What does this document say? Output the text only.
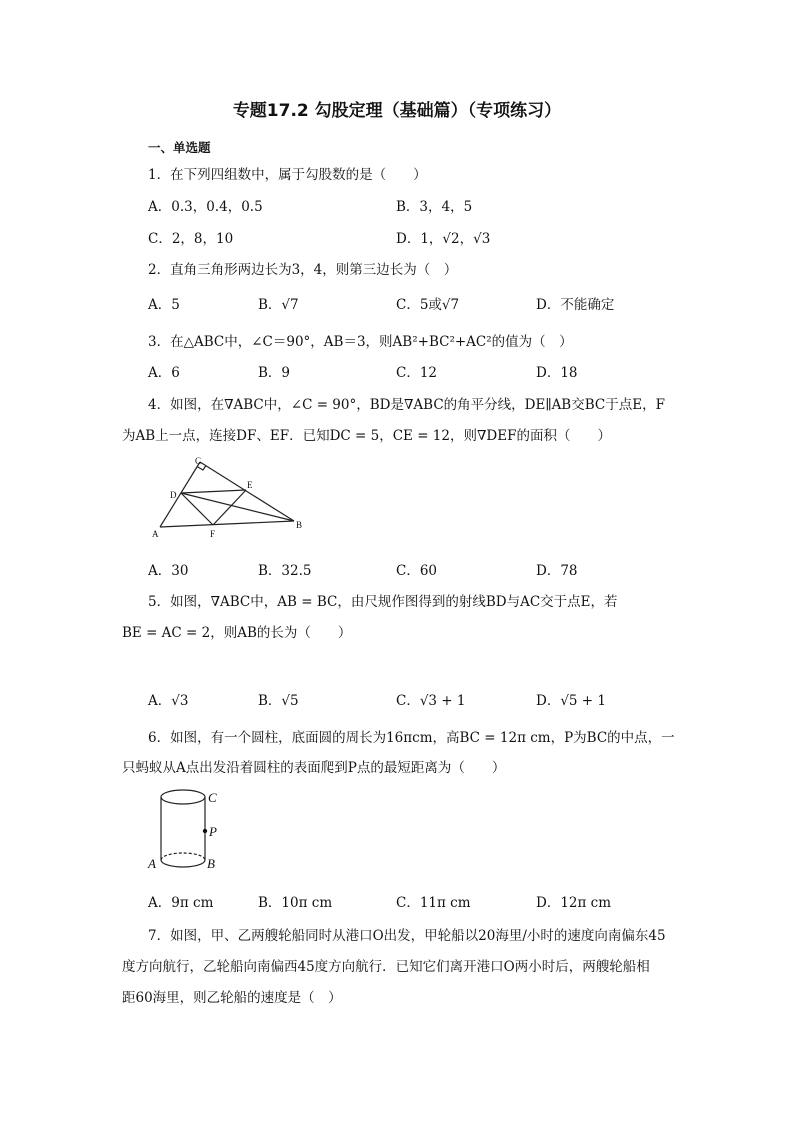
专题17.2 勾股定理（基础篇）（专项练习）
一、单选题
1．在下列四组数中，属于勾股数的是（　　）
A．0.3，0.4，0.5	B．3，4，5
C．2，8，10	D．1，√2，√3
2．直角三角形两边长为3，4，则第三边长为（　）
A．5	B．√7	C．5或√7	D．不能确定
3．在△ABC中，∠C＝90°，AB＝3，则AB²+BC²+AC²的值为（　）
A．6	B．9	C．12	D．18
4．如图，在∇ABC中，∠C = 90°，BD是∇ABC的角平分线，DE∥AB交BC于点E，F
为AB上一点，连接DF、EF．已知DC = 5，CE = 12，则∇DEF的面积（　　）
C
D
E
A	F
B
A．30	B．32.5	C．60	D．78
5．如图，∇ABC中，AB = BC，由尺规作图得到的射线BD与AC交于点E，若
BE = AC = 2，则AB的长为（　　）
A．√3	B．√5	C．√3 + 1	D．√5 + 1
6．如图，有一个圆柱，底面圆的周长为16πcm，高BC = 12π cm，P为BC的中点，一
只蚂蚁从A点出发沿着圆柱的表面爬到P点的最短距离为（　　）
C
P
A	B
A．9π cm	B．10π cm	C．11π cm	D．12π cm
7．如图，甲、乙两艘轮船同时从港口O出发，甲轮船以20海里/小时的速度向南偏东45
度方向航行，乙轮船向南偏西45度方向航行．已知它们离开港口O两小时后，两艘轮船相
距60海里，则乙轮船的速度是（　）
